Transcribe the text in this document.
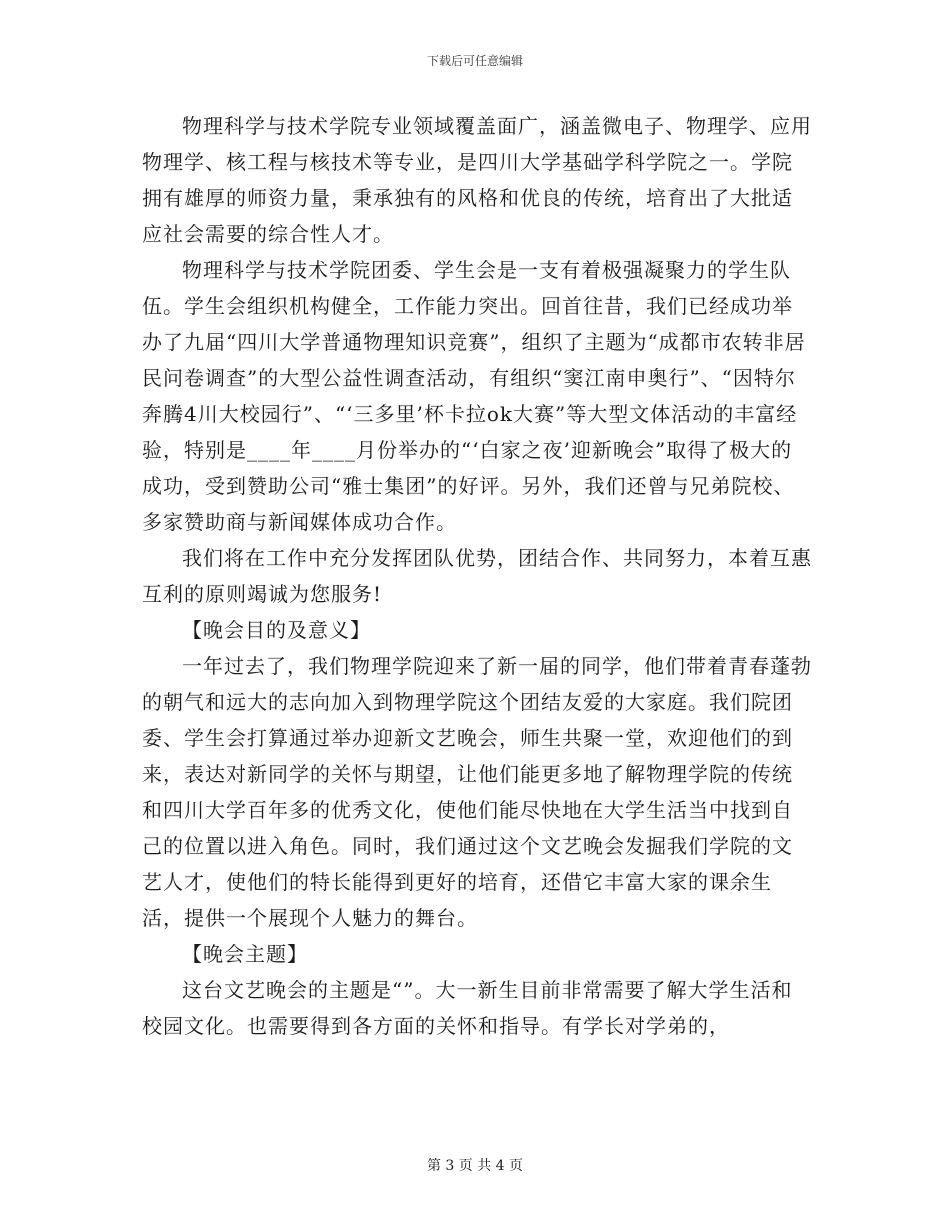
下载后可任意编辑

物理科学与技术学院专业领域覆盖面广，涵盖微电子、物理学、应用物理学、核工程与核技术等专业，是四川大学基础学科学院之一。学院拥有雄厚的师资力量，秉承独有的风格和优良的传统，培育出了大批适应社会需要的综合性人才。

物理科学与技术学院团委、学生会是一支有着极强凝聚力的学生队伍。学生会组织机构健全，工作能力突出。回首往昔，我们已经成功举办了九届“四川大学普通物理知识竞赛”，组织了主题为“成都市农转非居民问卷调查”的大型公益性调查活动，有组织“窦江南申奥行”、“因特尔奔腾4川大校园行”、“‘三多里’杯卡拉ok大赛”等大型文体活动的丰富经验，特别是____年____月份举办的“‘白家之夜’迎新晚会”取得了极大的成功，受到赞助公司“雅士集团”的好评。另外，我们还曾与兄弟院校、多家赞助商与新闻媒体成功合作。

我们将在工作中充分发挥团队优势，团结合作、共同努力，本着互惠互利的原则竭诚为您服务!

【晚会目的及意义】

一年过去了，我们物理学院迎来了新一届的同学，他们带着青春蓬勃的朝气和远大的志向加入到物理学院这个团结友爱的大家庭。我们院团委、学生会打算通过举办迎新文艺晚会，师生共聚一堂，欢迎他们的到来，表达对新同学的关怀与期望，让他们能更多地了解物理学院的传统和四川大学百年多的优秀文化，使他们能尽快地在大学生活当中找到自己的位置以进入角色。同时，我们通过这个文艺晚会发掘我们学院的文艺人才，使他们的特长能得到更好的培育，还借它丰富大家的课余生活，提供一个展现个人魅力的舞台。

【晚会主题】

这台文艺晚会的主题是“”。大一新生目前非常需要了解大学生活和校园文化。也需要得到各方面的关怀和指导。有学长对学弟的，

第 3 页 共 4 页
